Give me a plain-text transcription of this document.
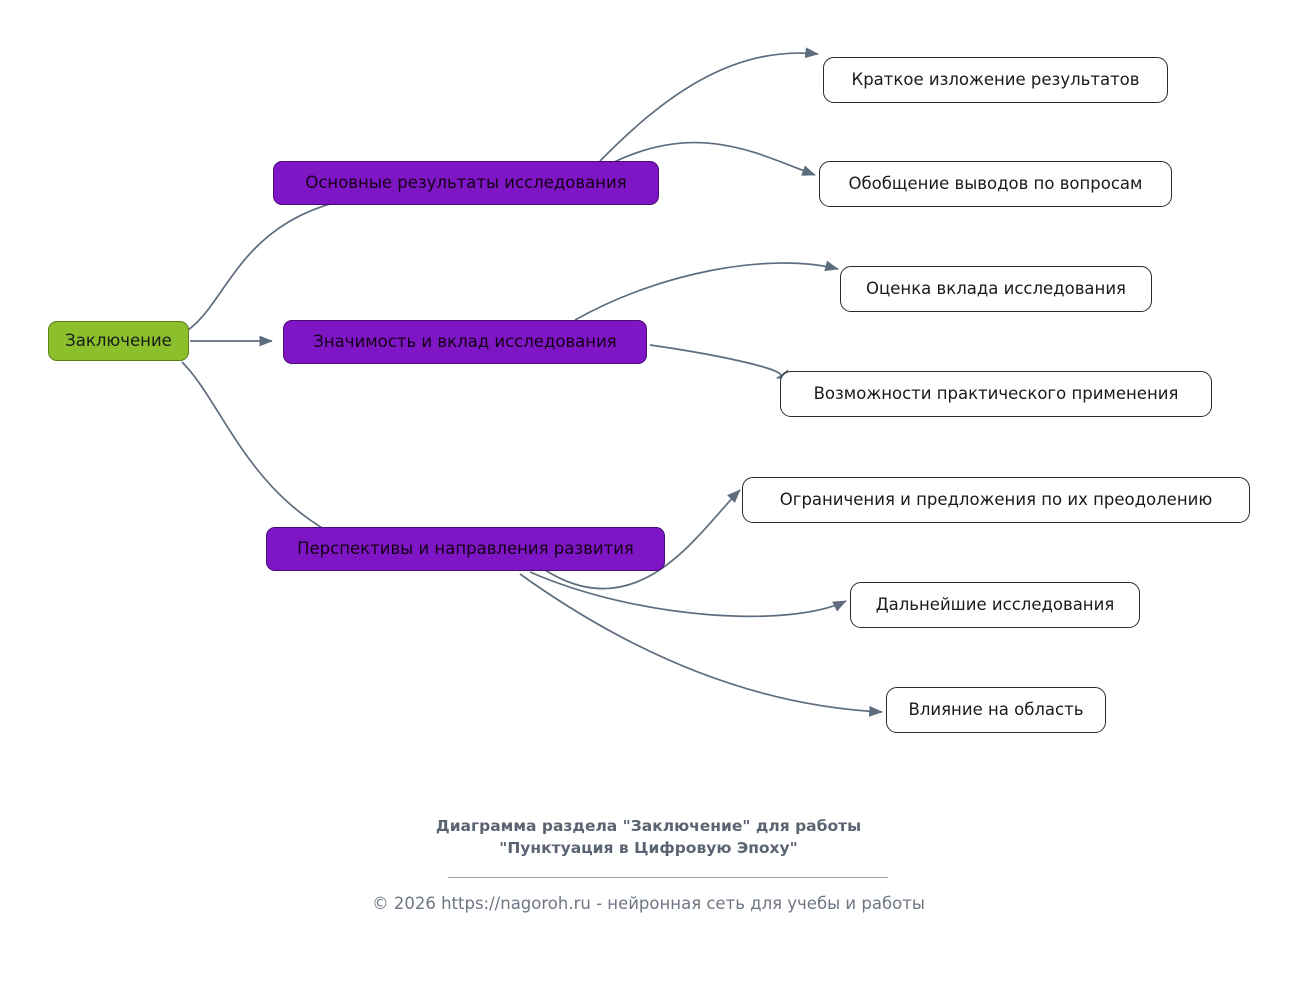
Заключение
Основные результаты исследования
Значимость и вклад исследования
Перспективы и направления развития
Краткое изложение результатов
Обобщение выводов по вопросам
Оценка вклада исследования
Возможности практического применения
Ограничения и предложения по их преодолению
Дальнейшие исследования
Влияние на область
Диаграмма раздела "Заключение" для работы
"Пунктуация в Цифровую Эпоху"
© 2026 https://nagoroh.ru - нейронная сеть для учебы и работы
